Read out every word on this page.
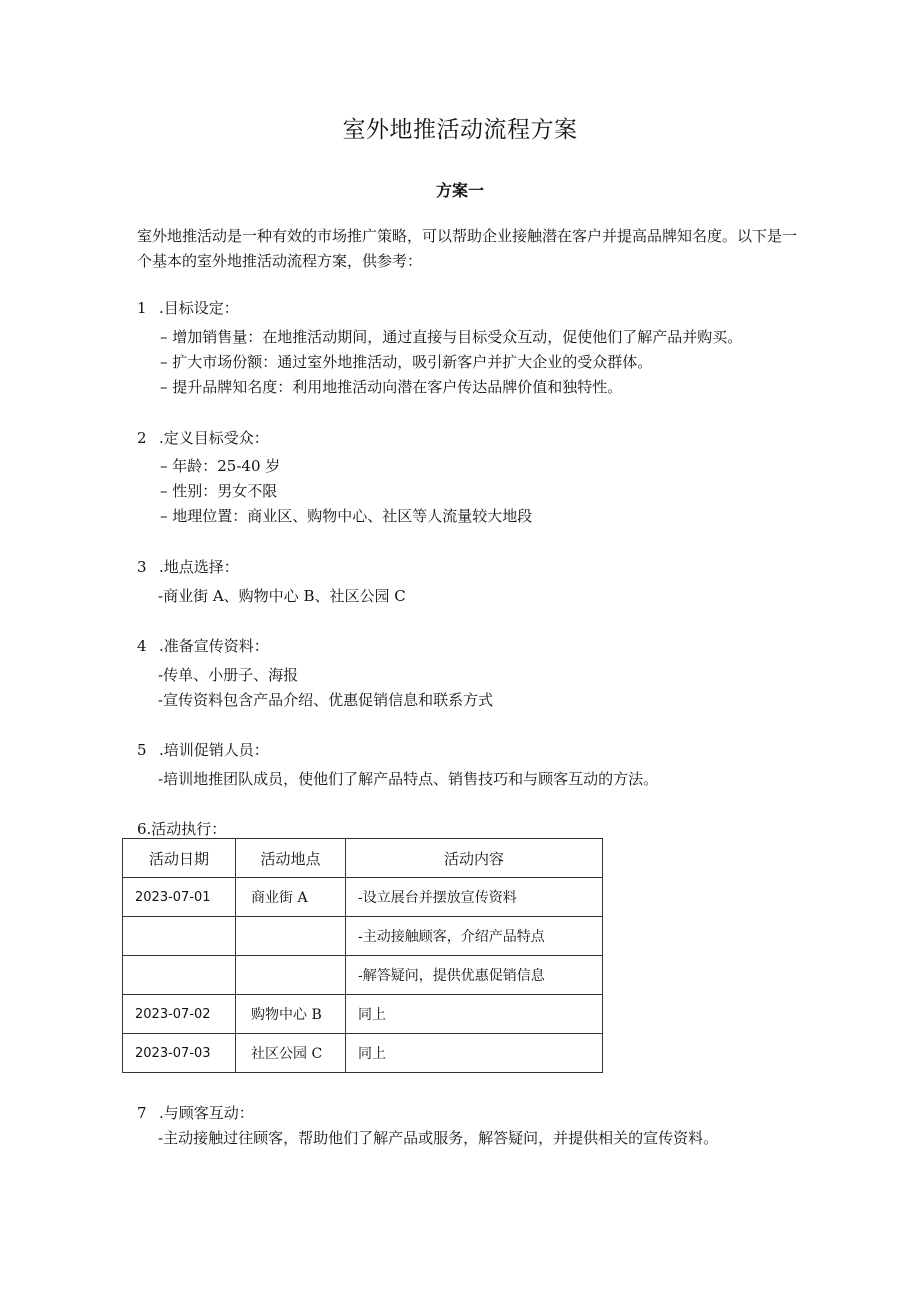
室外地推活动流程方案
方案一
室外地推活动是一种有效的市场推广策略，可以帮助企业接触潜在客户并提高品牌知名度。以下是一个基本的室外地推活动流程方案，供参考：
1 .目标设定：
– 增加销售量：在地推活动期间，通过直接与目标受众互动，促使他们了解产品并购买。
– 扩大市场份额：通过室外地推活动，吸引新客户并扩大企业的受众群体。
– 提升品牌知名度：利用地推活动向潜在客户传达品牌价值和独特性。
2 .定义目标受众：
– 年龄：25-40 岁
– 性别：男女不限
– 地理位置：商业区、购物中心、社区等人流量较大地段
3 .地点选择：
-商业街 A、购物中心 B、社区公园 C
4 .准备宣传资料：
-传单、小册子、海报
-宣传资料包含产品介绍、优惠促销信息和联系方式
5 .培训促销人员：
-培训地推团队成员，使他们了解产品特点、销售技巧和与顾客互动的方法。
6.活动执行：
活动日期	活动地点	活动内容
2023-07-01	商业街 A	-设立展台并摆放宣传资料
		-主动接触顾客，介绍产品特点
		-解答疑问，提供优惠促销信息
2023-07-02	购物中心 B	同上
2023-07-03	社区公园 C	同上
7 .与顾客互动：
-主动接触过往顾客，帮助他们了解产品或服务，解答疑问，并提供相关的宣传资料。
